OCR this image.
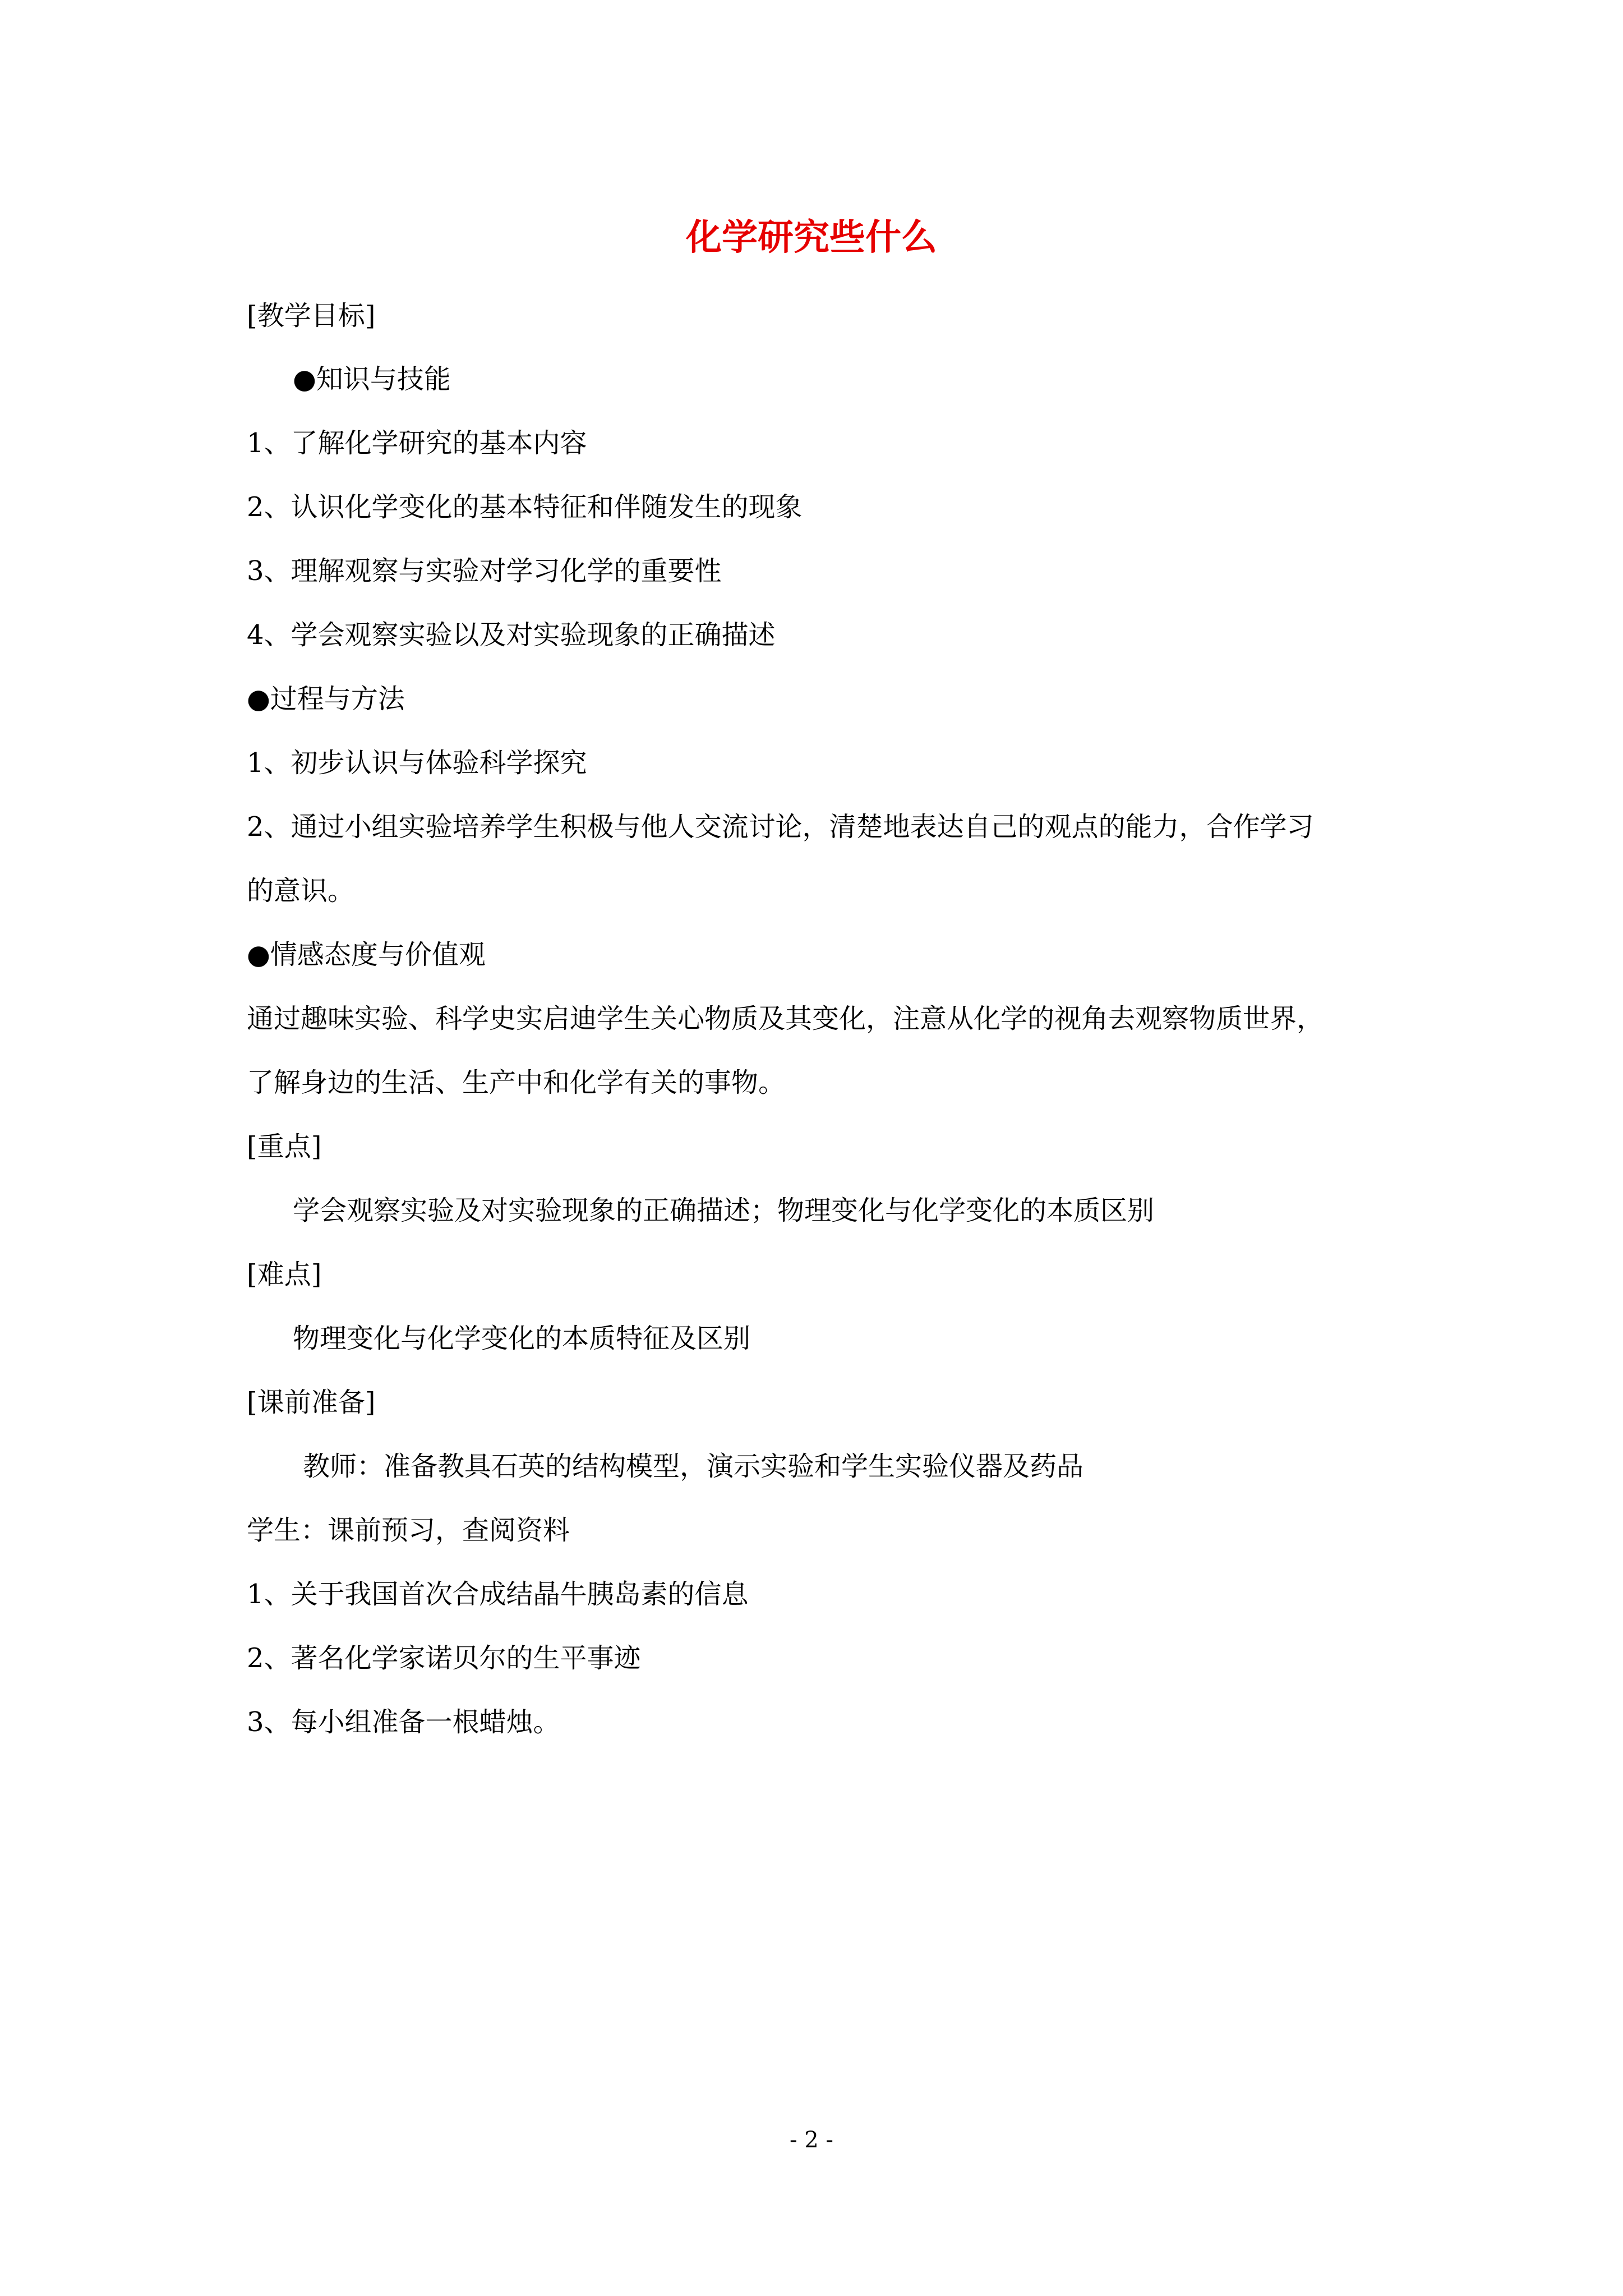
化学研究些什么
[教学目标]
●知识与技能
1、了解化学研究的基本内容
2、认识化学变化的基本特征和伴随发生的现象
3、理解观察与实验对学习化学的重要性
4、学会观察实验以及对实验现象的正确描述
●过程与方法
1、初步认识与体验科学探究
2、通过小组实验培养学生积极与他人交流讨论，清楚地表达自己的观点的能力，合作学习
的意识。
●情感态度与价值观
通过趣味实验、科学史实启迪学生关心物质及其变化，注意从化学的视角去观察物质世界，
了解身边的生活、生产中和化学有关的事物。
[重点]
学会观察实验及对实验现象的正确描述；物理变化与化学变化的本质区别
[难点]
物理变化与化学变化的本质特征及区别
[课前准备]
教师：准备教具石英的结构模型，演示实验和学生实验仪器及药品
学生：课前预习，查阅资料
1、关于我国首次合成结晶牛胰岛素的信息
2、著名化学家诺贝尔的生平事迹
3、每小组准备一根蜡烛。
- 2 -
